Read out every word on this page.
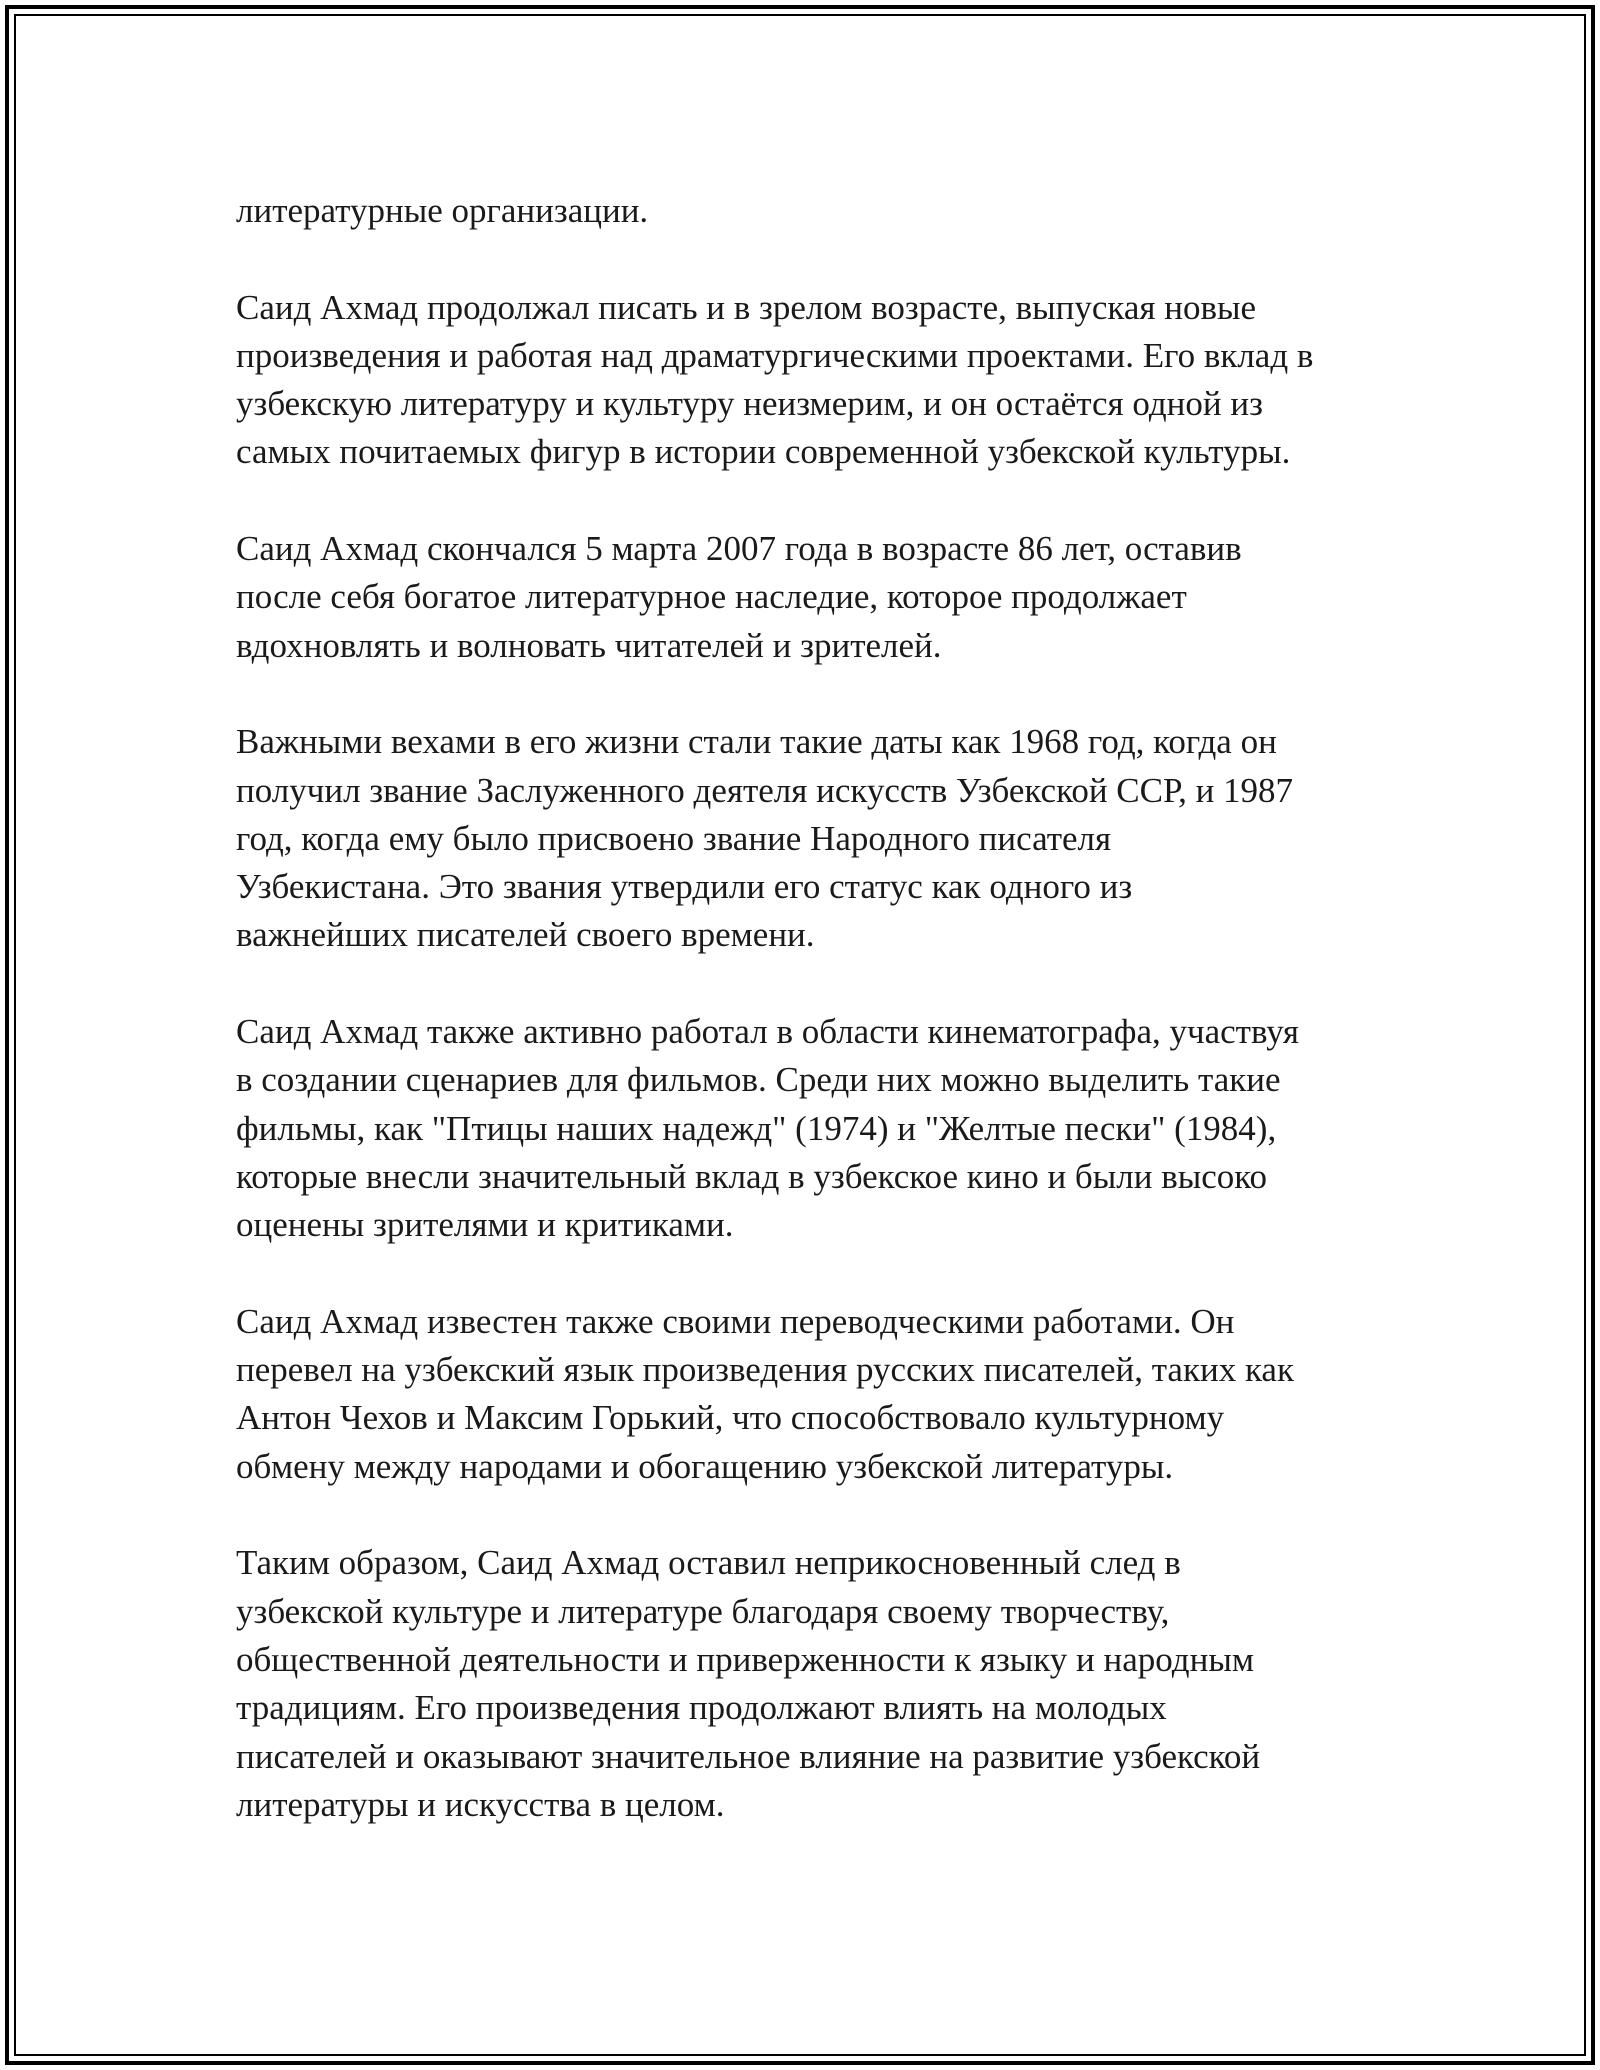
литературные организации.

Саид Ахмад продолжал писать и в зрелом возрасте, выпуская новые
произведения и работая над драматургическими проектами. Его вклад в
узбекскую литературу и культуру неизмерим, и он остаётся одной из
самых почитаемых фигур в истории современной узбекской культуры.

Саид Ахмад скончался 5 марта 2007 года в возрасте 86 лет, оставив
после себя богатое литературное наследие, которое продолжает
вдохновлять и волновать читателей и зрителей.

Важными вехами в его жизни стали такие даты как 1968 год, когда он
получил звание Заслуженного деятеля искусств Узбекской ССР, и 1987
год, когда ему было присвоено звание Народного писателя
Узбекистана. Это звания утвердили его статус как одного из
важнейших писателей своего времени.

Саид Ахмад также активно работал в области кинематографа, участвуя
в создании сценариев для фильмов. Среди них можно выделить такие
фильмы, как "Птицы наших надежд" (1974) и "Желтые пески" (1984),
которые внесли значительный вклад в узбекское кино и были высоко
оценены зрителями и критиками.

Саид Ахмад известен также своими переводческими работами. Он
перевел на узбекский язык произведения русских писателей, таких как
Антон Чехов и Максим Горький, что способствовало культурному
обмену между народами и обогащению узбекской литературы.

Таким образом, Саид Ахмад оставил неприкосновенный след в
узбекской культуре и литературе благодаря своему творчеству,
общественной деятельности и приверженности к языку и народным
традициям. Его произведения продолжают влиять на молодых
писателей и оказывают значительное влияние на развитие узбекской
литературы и искусства в целом.
